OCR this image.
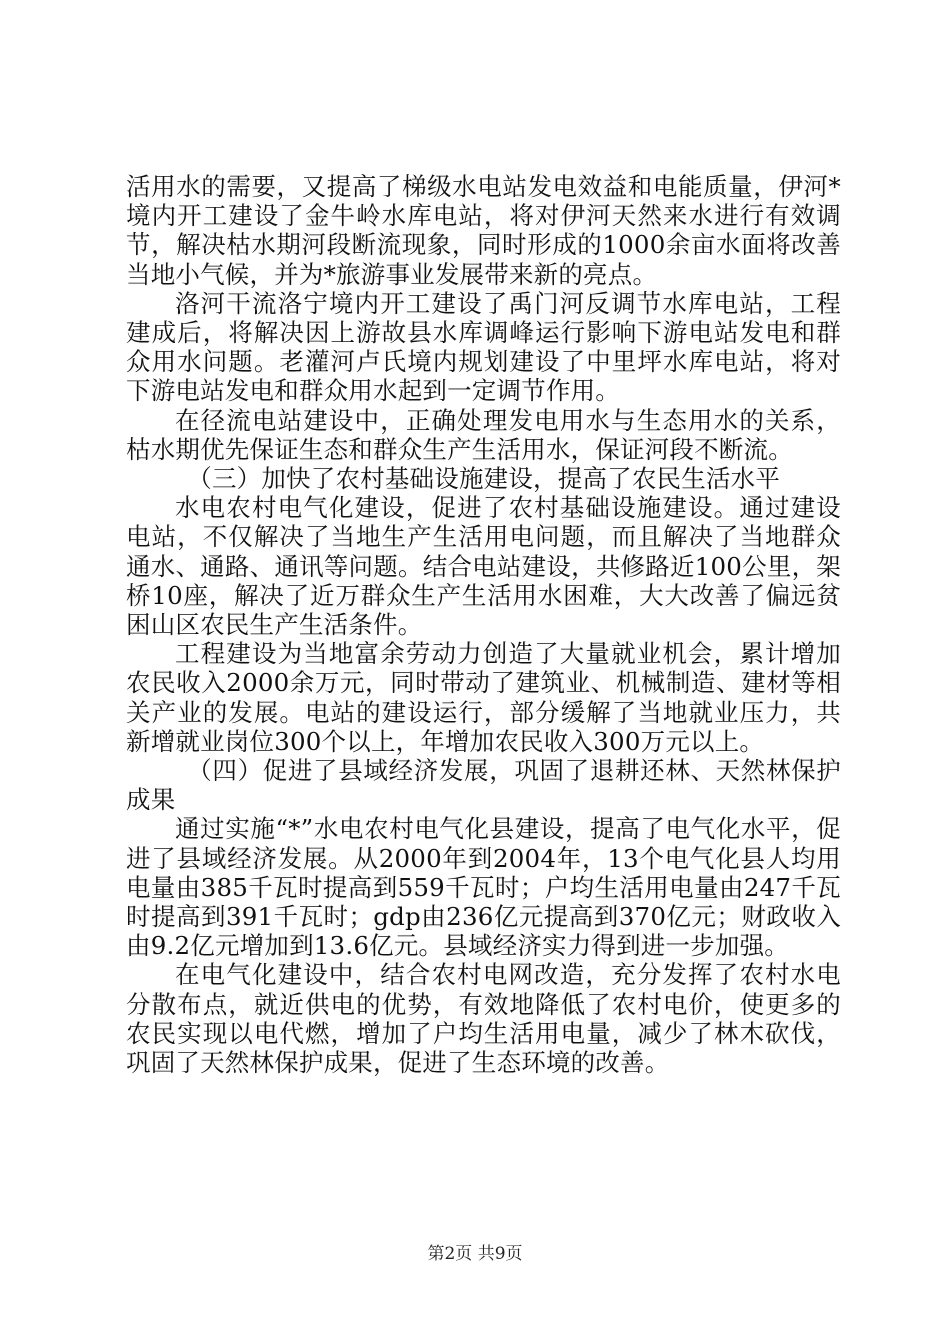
活用水的需要，又提高了梯级水电站发电效益和电能质量，伊河*境内开工建设了金牛岭水库电站，将对伊河天然来水进行有效调节，解决枯水期河段断流现象，同时形成的1000余亩水面将改善当地小气候，并为*旅游事业发展带来新的亮点。

洛河干流洛宁境内开工建设了禹门河反调节水库电站，工程建成后，将解决因上游故县水库调峰运行影响下游电站发电和群众用水问题。老灌河卢氏境内规划建设了中里坪水库电站，将对下游电站发电和群众用水起到一定调节作用。

在径流电站建设中，正确处理发电用水与生态用水的关系，枯水期优先保证生态和群众生产生活用水，保证河段不断流。

（三）加快了农村基础设施建设，提高了农民生活水平

水电农村电气化建设，促进了农村基础设施建设。通过建设电站，不仅解决了当地生产生活用电问题，而且解决了当地群众通水、通路、通讯等问题。结合电站建设，共修路近100公里，架桥10座，解决了近万群众生产生活用水困难，大大改善了偏远贫困山区农民生产生活条件。

工程建设为当地富余劳动力创造了大量就业机会，累计增加农民收入2000余万元，同时带动了建筑业、机械制造、建材等相关产业的发展。电站的建设运行，部分缓解了当地就业压力，共新增就业岗位300个以上，年增加农民收入300万元以上。

（四）促进了县域经济发展，巩固了退耕还林、天然林保护成果

通过实施“*”水电农村电气化县建设，提高了电气化水平，促进了县域经济发展。从2000年到2004年，13个电气化县人均用电量由385千瓦时提高到559千瓦时；户均生活用电量由247千瓦时提高到391千瓦时；gdp由236亿元提高到370亿元；财政收入由9.2亿元增加到13.6亿元。县域经济实力得到进一步加强。

在电气化建设中，结合农村电网改造，充分发挥了农村水电分散布点，就近供电的优势，有效地降低了农村电价，使更多的农民实现以电代燃，增加了户均生活用电量，减少了林木砍伐，巩固了天然林保护成果，促进了生态环境的改善。

第2页 共9页
